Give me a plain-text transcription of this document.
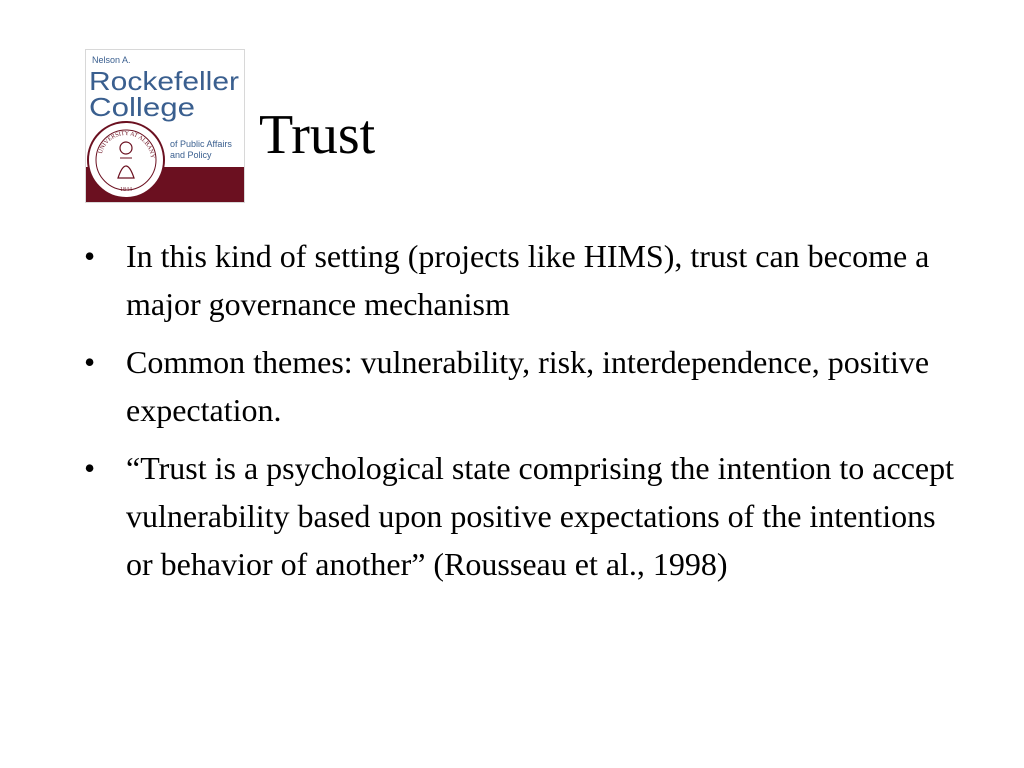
Nelson A.
Rockefeller
College
of Public Affairs
and Policy
UNIVERSITY AT ALBANY
1844
Trust
• In this kind of setting (projects like HIMS), trust can become a major governance mechanism
• Common themes: vulnerability, risk, interdependence, positive expectation.
• “Trust is a psychological state comprising the intention to accept vulnerability based upon positive expectations of the intentions or behavior of another” (Rousseau et al., 1998)
